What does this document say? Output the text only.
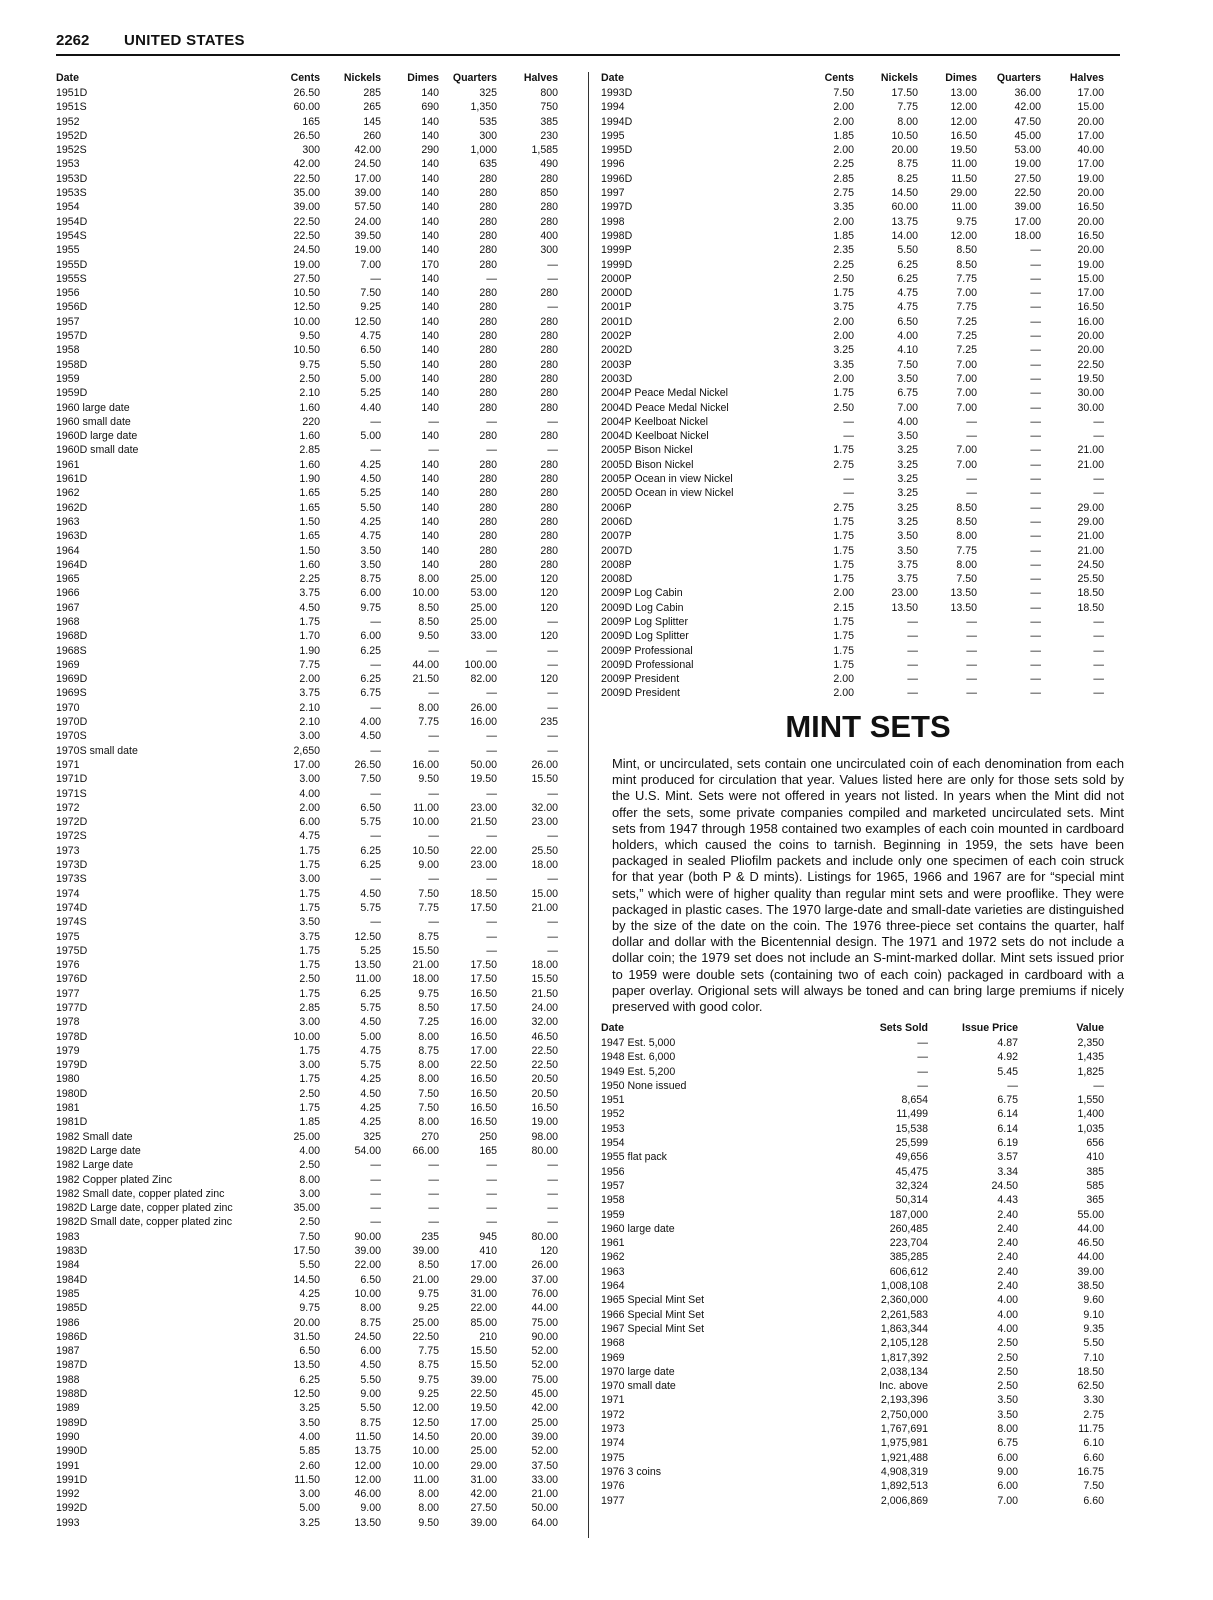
2262 UNITED STATES
Date	Cents	Nickels	Dimes	Quarters	Halves
1951D	26.50	285	140	325	800
1951S	60.00	265	690	1,350	750
1952	165	145	140	535	385
1952D	26.50	260	140	300	230
1952S	300	42.00	290	1,000	1,585
1953	42.00	24.50	140	635	490
1953D	22.50	17.00	140	280	280
1953S	35.00	39.00	140	280	850
1954	39.00	57.50	140	280	280
1954D	22.50	24.00	140	280	280
1954S	22.50	39.50	140	280	400
1955	24.50	19.00	140	280	300
1955D	19.00	7.00	170	280	—
1955S	27.50	—	140	—	—
1956	10.50	7.50	140	280	280
1956D	12.50	9.25	140	280	—
1957	10.00	12.50	140	280	280
1957D	9.50	4.75	140	280	280
1958	10.50	6.50	140	280	280
1958D	9.75	5.50	140	280	280
1959	2.50	5.00	140	280	280
1959D	2.10	5.25	140	280	280
1960 large date	1.60	4.40	140	280	280
1960 small date	220	—	—	—	—
1960D large date	1.60	5.00	140	280	280
1960D small date	2.85	—	—	—	—
1961	1.60	4.25	140	280	280
1961D	1.90	4.50	140	280	280
1962	1.65	5.25	140	280	280
1962D	1.65	5.50	140	280	280
1963	1.50	4.25	140	280	280
1963D	1.65	4.75	140	280	280
1964	1.50	3.50	140	280	280
1964D	1.60	3.50	140	280	280
1965	2.25	8.75	8.00	25.00	120
1966	3.75	6.00	10.00	53.00	120
1967	4.50	9.75	8.50	25.00	120
1968	1.75	—	8.50	25.00	—
1968D	1.70	6.00	9.50	33.00	120
1968S	1.90	6.25	—	—	—
1969	7.75	—	44.00	100.00	—
1969D	2.00	6.25	21.50	82.00	120
1969S	3.75	6.75	—	—	—
1970	2.10	—	8.00	26.00	—
1970D	2.10	4.00	7.75	16.00	235
1970S	3.00	4.50	—	—	—
1970S small date	2,650	—	—	—	—
1971	17.00	26.50	16.00	50.00	26.00
1971D	3.00	7.50	9.50	19.50	15.50
1971S	4.00	—	—	—	—
1972	2.00	6.50	11.00	23.00	32.00
1972D	6.00	5.75	10.00	21.50	23.00
1972S	4.75	—	—	—	—
1973	1.75	6.25	10.50	22.00	25.50
1973D	1.75	6.25	9.00	23.00	18.00
1973S	3.00	—	—	—	—
1974	1.75	4.50	7.50	18.50	15.00
1974D	1.75	5.75	7.75	17.50	21.00
1974S	3.50	—	—	—	—
1975	3.75	12.50	8.75	—	—
1975D	1.75	5.25	15.50	—	—
1976	1.75	13.50	21.00	17.50	18.00
1976D	2.50	11.00	18.00	17.50	15.50
1977	1.75	6.25	9.75	16.50	21.50
1977D	2.85	5.75	8.50	17.50	24.00
1978	3.00	4.50	7.25	16.00	32.00
1978D	10.00	5.00	8.00	16.50	46.50
1979	1.75	4.75	8.75	17.00	22.50
1979D	3.00	5.75	8.00	22.50	22.50
1980	1.75	4.25	8.00	16.50	20.50
1980D	2.50	4.50	7.50	16.50	20.50
1981	1.75	4.25	7.50	16.50	16.50
1981D	1.85	4.25	8.00	16.50	19.00
1982 Small date	25.00	325	270	250	98.00
1982D Large date	4.00	54.00	66.00	165	80.00
1982 Large date	2.50	—	—	—	—
1982 Copper plated Zinc	8.00	—	—	—	—
1982 Small date, copper plated zinc	3.00	—	—	—	—
1982D Large date, copper plated zinc	35.00	—	—	—	—
1982D Small date, copper plated zinc	2.50	—	—	—	—
1983	7.50	90.00	235	945	80.00
1983D	17.50	39.00	39.00	410	120
1984	5.50	22.00	8.50	17.00	26.00
1984D	14.50	6.50	21.00	29.00	37.00
1985	4.25	10.00	9.75	31.00	76.00
1985D	9.75	8.00	9.25	22.00	44.00
1986	20.00	8.75	25.00	85.00	75.00
1986D	31.50	24.50	22.50	210	90.00
1987	6.50	6.00	7.75	15.50	52.00
1987D	13.50	4.50	8.75	15.50	52.00
1988	6.25	5.50	9.75	39.00	75.00
1988D	12.50	9.00	9.25	22.50	45.00
1989	3.25	5.50	12.00	19.50	42.00
1989D	3.50	8.75	12.50	17.00	25.00
1990	4.00	11.50	14.50	20.00	39.00
1990D	5.85	13.75	10.00	25.00	52.00
1991	2.60	12.00	10.00	29.00	37.50
1991D	11.50	12.00	11.00	31.00	33.00
1992	3.00	46.00	8.00	42.00	21.00
1992D	5.00	9.00	8.00	27.50	50.00
1993	3.25	13.50	9.50	39.00	64.00
Date	Cents	Nickels	Dimes	Quarters	Halves
1993D	7.50	17.50	13.00	36.00	17.00
1994	2.00	7.75	12.00	42.00	15.00
1994D	2.00	8.00	12.00	47.50	20.00
1995	1.85	10.50	16.50	45.00	17.00
1995D	2.00	20.00	19.50	53.00	40.00
1996	2.25	8.75	11.00	19.00	17.00
1996D	2.85	8.25	11.50	27.50	19.00
1997	2.75	14.50	29.00	22.50	20.00
1997D	3.35	60.00	11.00	39.00	16.50
1998	2.00	13.75	9.75	17.00	20.00
1998D	1.85	14.00	12.00	18.00	16.50
1999P	2.35	5.50	8.50	—	20.00
1999D	2.25	6.25	8.50	—	19.00
2000P	2.50	6.25	7.75	—	15.00
2000D	1.75	4.75	7.00	—	17.00
2001P	3.75	4.75	7.75	—	16.50
2001D	2.00	6.50	7.25	—	16.00
2002P	2.00	4.00	7.25	—	20.00
2002D	3.25	4.10	7.25	—	20.00
2003P	3.35	7.50	7.00	—	22.50
2003D	2.00	3.50	7.00	—	19.50
2004P Peace Medal Nickel	1.75	6.75	7.00	—	30.00
2004D Peace Medal Nickel	2.50	7.00	7.00	—	30.00
2004P Keelboat Nickel	—	4.00	—	—	—
2004D Keelboat Nickel	—	3.50	—	—	—
2005P Bison Nickel	1.75	3.25	7.00	—	21.00
2005D Bison Nickel	2.75	3.25	7.00	—	21.00
2005P Ocean in view Nickel	—	3.25	—	—	—
2005D Ocean in view Nickel	—	3.25	—	—	—
2006P	2.75	3.25	8.50	—	29.00
2006D	1.75	3.25	8.50	—	29.00
2007P	1.75	3.50	8.00	—	21.00
2007D	1.75	3.50	7.75	—	21.00
2008P	1.75	3.75	8.00	—	24.50
2008D	1.75	3.75	7.50	—	25.50
2009P Log Cabin	2.00	23.00	13.50	—	18.50
2009D Log Cabin	2.15	13.50	13.50	—	18.50
2009P Log Splitter	1.75	—	—	—	—
2009D Log Splitter	1.75	—	—	—	—
2009P Professional	1.75	—	—	—	—
2009D Professional	1.75	—	—	—	—
2009P President	2.00	—	—	—	—
2009D President	2.00	—	—	—	—
MINT SETS

Mint, or uncirculated, sets contain one uncirculated coin of each denomination from each mint produced for circulation that year. Values listed here are only for those sets sold by the U.S. Mint. Sets were not offered in years not listed. In years when the Mint did not offer the sets, some private companies compiled and marketed uncirculated sets. Mint sets from 1947 through 1958 contained two examples of each coin mounted in cardboard holders, which caused the coins to tarnish. Beginning in 1959, the sets have been packaged in sealed Pliofilm packets and include only one specimen of each coin struck for that year (both P & D mints). Listings for 1965, 1966 and 1967 are for “special mint sets,” which were of higher quality than regular mint sets and were prooflike. They were packaged in plastic cases. The 1970 large-date and small-date varieties are distinguished by the size of the date on the coin. The 1976 three-piece set contains the quarter, half dollar and dollar with the Bicentennial design. The 1971 and 1972 sets do not include a dollar coin; the 1979 set does not include an S-mint-marked dollar. Mint sets issued prior to 1959 were double sets (containing two of each coin) packaged in cardboard with a paper overlay. Origional sets will always be toned and can bring large premiums if nicely preserved with good color.

Date	Sets Sold	Issue Price	Value
1947 Est. 5,000	—	4.87	2,350
1948 Est. 6,000	—	4.92	1,435
1949 Est. 5,200	—	5.45	1,825
1950 None issued	—	—	—
1951	8,654	6.75	1,550
1952	11,499	6.14	1,400
1953	15,538	6.14	1,035
1954	25,599	6.19	656
1955 flat pack	49,656	3.57	410
1956	45,475	3.34	385
1957	32,324	24.50	585
1958	50,314	4.43	365
1959	187,000	2.40	55.00
1960 large date	260,485	2.40	44.00
1961	223,704	2.40	46.50
1962	385,285	2.40	44.00
1963	606,612	2.40	39.00
1964	1,008,108	2.40	38.50
1965 Special Mint Set	2,360,000	4.00	9.60
1966 Special Mint Set	2,261,583	4.00	9.10
1967 Special Mint Set	1,863,344	4.00	9.35
1968	2,105,128	2.50	5.50
1969	1,817,392	2.50	7.10
1970 large date	2,038,134	2.50	18.50
1970 small date	Inc. above	2.50	62.50
1971	2,193,396	3.50	3.30
1972	2,750,000	3.50	2.75
1973	1,767,691	8.00	11.75
1974	1,975,981	6.75	6.10
1975	1,921,488	6.00	6.60
1976 3 coins	4,908,319	9.00	16.75
1976	1,892,513	6.00	7.50
1977	2,006,869	7.00	6.60
